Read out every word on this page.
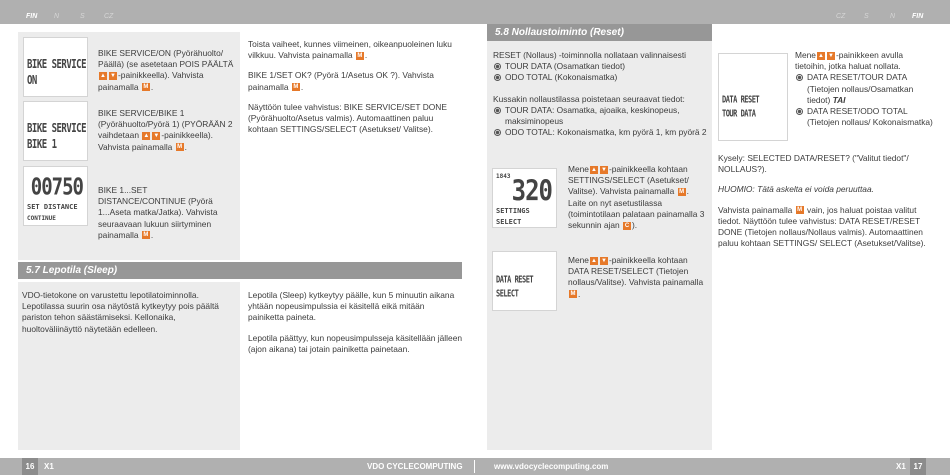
FIN N	S	CZ	CZ	S	N FIN
BIKE SERVICE
ON
BIKE SERVICE/ON (Pyörähuolto/ Päällä) (se asetetaan POIS PÄÄLTÄ ▲ ▼ -painikkeella). Vahvista painamalla M .
BIKE SERVICE
BIKE 1
BIKE SERVICE/BIKE 1 (Pyörähuolto/Pyörä 1) (PYÖRÄÄN 2 vaihdetaan ▲ ▼ -painikkeella). Vahvista painamalla M .
00750
SET DISTANCE
CONTINUE
BIKE 1...SET DISTANCE/CONTINUE (Pyörä 1...Aseta matka/Jatka). Vahvista seuraavaan lukuun siirtyminen painamalla M .

Toista vaiheet, kunnes viimeinen, oikeanpuoleinen luku vilkkuu. Vahvista painamalla M .

BIKE 1/SET OK? (Pyörä 1/Asetus OK ?). Vahvista painamalla M .

Näyttöön tulee vahvistus: BIKE SERVICE/SET DONE (Pyörähuolto/Asetus valmis). Automaattinen paluu kohtaan SETTINGS/SELECT (Asetukset/ Valitse).

5.7 Lepotila (Sleep)

VDO-tietokone on varustettu lepotilatoiminnolla. Lepotilassa suurin osa näytöstä kytkeytyy pois päältä pariston tehon säästämiseksi. Kellonaika, huoltoväliinäyttö näytetään edelleen.

Lepotila (Sleep) kytkeytyy päälle, kun 5 minuutin aikana yhtään nopeusimpulssia ei käsitellä eikä mitään painiketta paineta.

Lepotila päättyy, kun nopeusimpulsseja käsitellään jälleen (ajon aikana) tai jotain painiketta painetaan.

5.8 Nollaustoiminto (Reset)

RESET (Nollaus) -toiminnolla nollataan valinnaisesti

TOUR DATA (Osamatkan tiedot)
ODO TOTAL (Kokonaismatka)

Kussakin nollaustilassa poistetaan seuraavat tiedot:

TOUR DATA: Osamatka, ajoaika, keskinopeus, maksiminopeus
ODO TOTAL: Kokonaismatka, km pyörä 1, km pyörä 2
1843 320
SETTINGS
SELECT
Mene ▲ ▼ -painikkeella kohtaan SETTINGS/SELECT (Asetukset/ Valitse). Vahvista painamalla M . Laite on nyt asetustilassa (toimintotilaan palataan painamalla 3 sekunnin ajan C ).
DATA RESET
SELECT
Mene ▲ ▼ -painikkeella kohtaan DATA RESET/SELECT (Tietojen nollaus/Valitse). Vahvista painamalla M .
DATA RESET
TOUR DATA
Mene ▲ ▼ -painikkeen avulla tietoihin, jotka haluat nollata.
DATA RESET/TOUR DATA (Tietojen nollaus/Osamatkan tiedot) TAI
DATA RESET/ODO TOTAL (Tietojen nollaus/ Kokonaismatka)

Kysely: SELECTED DATA/RESET? ("Valitut tiedot"/ NOLLAUS?).

HUOMIO: Tätä askelta ei voida peruuttaa.

Vahvista painamalla M vain, jos haluat poistaa valitut tiedot. Näyttöön tulee vahvistus: DATA RESET/RESET DONE (Tietojen nollaus/Nollaus valmis). Automaattinen paluu kohtaan SETTINGS/ SELECT (Asetukset/Valitse).

16	X1	VDO CYCLECOMPUTING	www.vdocyclecomputing.com	X1 17
